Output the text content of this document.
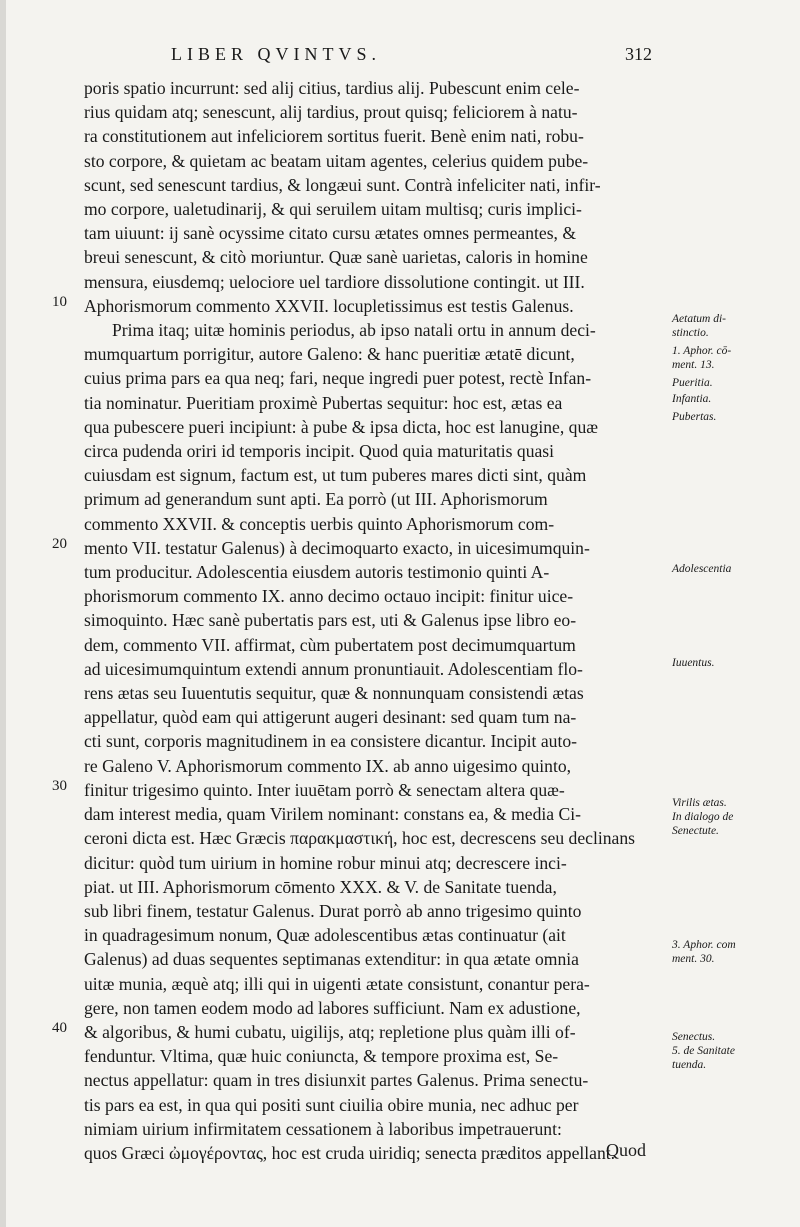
LIBER QVINTVS.	312
poris spatio incurrunt: sed alij citius, tardius alij. Pubescunt enim cele-
rius quidam atq; senescunt, alij tardius, prout quisq; feliciorem à natu-
ra constitutionem aut infeliciorem sortitus fuerit. Benè enim nati, robu-
sto corpore, & quietam ac beatam uitam agentes, celerius quidem pube-
scunt, sed senescunt tardius, & longæui sunt. Contrà infeliciter nati, infir-
mo corpore, ualetudinarij, & qui seruilem uitam multisq; curis implici-
tam uiuunt: ij sanè ocyssime citato cursu ætates omnes permeantes, &
breui senescunt, & citò moriuntur. Quæ sanè uarietas, caloris in homine
mensura, eiusdemq; uelociore uel tardiore dissolutione contingit. ut III.
Aphorismorum commento XXVII. locupletissimus est testis Galenus.
Prima itaq; uitæ hominis periodus, ab ipso natali ortu in annum deci-
mumquartum porrigitur, autore Galeno: & hanc pueritiæ ætatē dicunt,
cuius prima pars ea qua neq; fari, neque ingredi puer potest, rectè Infan-
tia nominatur. Pueritiam proximè Pubertas sequitur: hoc est, ætas ea
qua pubescere pueri incipiunt: à pube & ipsa dicta, hoc est lanugine, quæ
circa pudenda oriri id temporis incipit. Quod quia maturitatis quasi
cuiusdam est signum, factum est, ut tum puberes mares dicti sint, quàm
primum ad generandum sunt apti. Ea porrò (ut III. Aphorismorum
commento XXVII. & conceptis uerbis quinto Aphorismorum com-
mento VII. testatur Galenus) à decimoquarto exacto, in uicesimumquin-
tum producitur. Adolescentia eiusdem autoris testimonio quinti A-
phorismorum commento IX. anno decimo octauo incipit: finitur uice-
simoquinto. Hæc sanè pubertatis pars est, uti & Galenus ipse libro eo-
dem, commento VII. affirmat, cùm pubertatem post decimumquartum
ad uicesimumquintum extendi annum pronuntiauit. Adolescentiam flo-
rens ætas seu Iuuentutis sequitur, quæ & nonnunquam consistendi ætas
appellatur, quòd eam qui attigerunt augeri desinant: sed quam tum na-
cti sunt, corporis magnitudinem in ea consistere dicantur. Incipit auto-
re Galeno V. Aphorismorum commento IX. ab anno uigesimo quinto,
finitur trigesimo quinto. Inter iuuētam porrò & senectam altera quæ-
dam interest media, quam Virilem nominant: constans ea, & media Ci-
ceroni dicta est. Hæc Græcis παρακμαστική, hoc est, decrescens seu declinans
dicitur: quòd tum uirium in homine robur minui atq; decrescere inci-
piat. ut III. Aphorismorum cōmento XXX. & V. de Sanitate tuenda,
sub libri finem, testatur Galenus. Durat porrò ab anno trigesimo quinto
in quadragesimum nonum, Quæ adolescentibus ætas continuatur (ait
Galenus) ad duas sequentes septimanas extenditur: in qua ætate omnia
uitæ munia, æquè atq; illi qui in uigenti ætate consistunt, conantur pera-
gere, non tamen eodem modo ad labores sufficiunt. Nam ex adustione,
& algoribus, & humi cubatu, uigilijs, atq; repletione plus quàm illi of-
fenduntur. Vltima, quæ huic coniuncta, & tempore proxima est, Se-
nectus appellatur: quam in tres disiunxit partes Galenus. Prima senectu-
tis pars ea est, in qua qui positi sunt ciuilia obire munia, nec adhuc per
nimiam uirium infirmitatem cessationem à laboribus impetrauerunt:
quos Græci ὠμογέροντας, hoc est cruda uiridiq; senecta præditos appellant.
10
20
30
40
Aetatum di-
stinctio.
1. Aphor. cō-
ment. 13.
Pueritia.
Infantia.
Pubertas.
Adolescentia
Iuuentus.
Virilis ætas.
In dialogo de
Senectute.
3. Aphor. com
ment. 30.
Senectus.
5. de Sanitate
tuenda.
Quod
